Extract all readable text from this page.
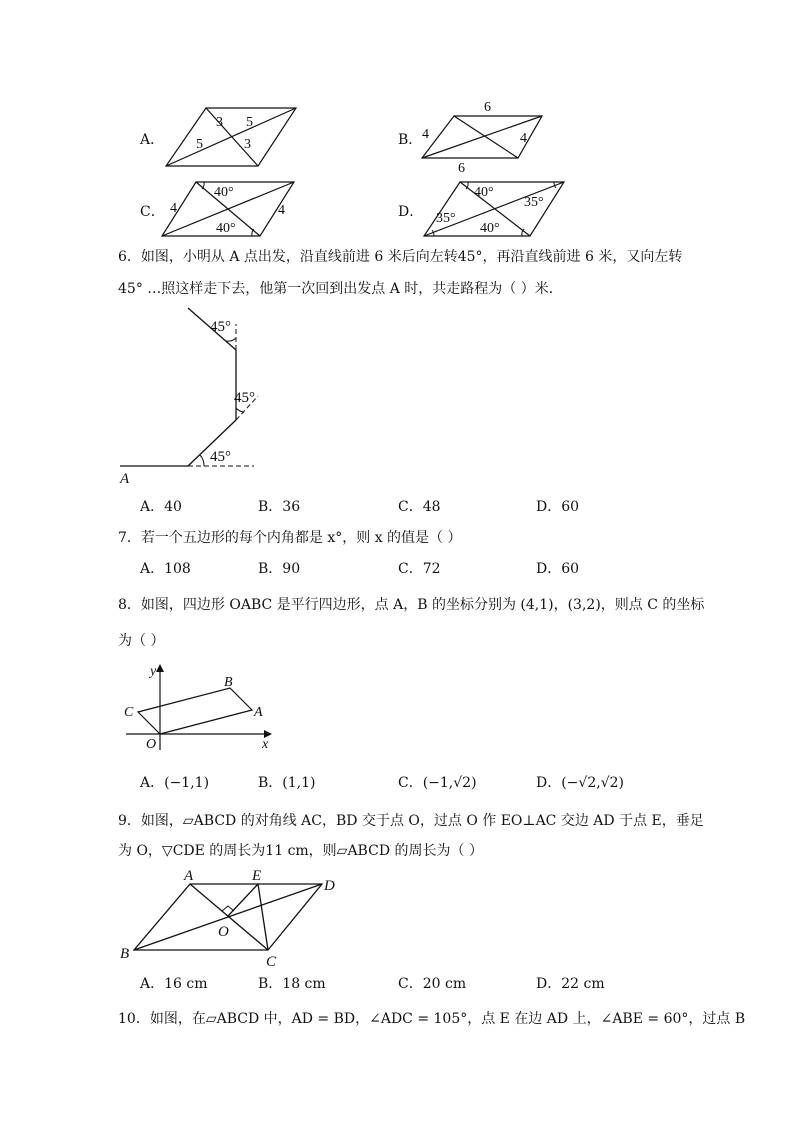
A．
3 5
5	3	B．
6
4	4
6
C．
40°
4	4
40°
D．
40°
35°
35°
40°
6．如图，小明从 A 点出发，沿直线前进 6 米后向左转45°，再沿直线前进 6 米，又向左转
45° …照这样走下去，他第一次回到出发点 A 时，共走路程为（ ）米．
45°
45°
45°
A
A．40	B．36	C．48	D．60
7．若一个五边形的每个内角都是 x°，则 x 的值是（ ）
A．108	B．90	C．72	D．60
8．如图，四边形 OABC 是平行四边形，点 A，B 的坐标分别为 (4,1)，(3,2)，则点 C 的坐标
为（ ）
y
x
O
A
B
C
A．(−1,1)	B．(1,1)	C．(−1,√2)	D．(−√2,√2)
9．如图，▱ABCD 的对角线 AC，BD 交于点 O，过点 O 作 EO⊥AC 交边 AD 于点 E，垂足
为 O，▽CDE 的周长为11 cm，则▱ABCD 的周长为（ ）
A	E
D
O
B	C
A．16 cm	B．18 cm	C．20 cm	D．22 cm
10．如图，在▱ABCD 中，AD = BD，∠ADC = 105°，点 E 在边 AD 上，∠ABE = 60°，过点 B
